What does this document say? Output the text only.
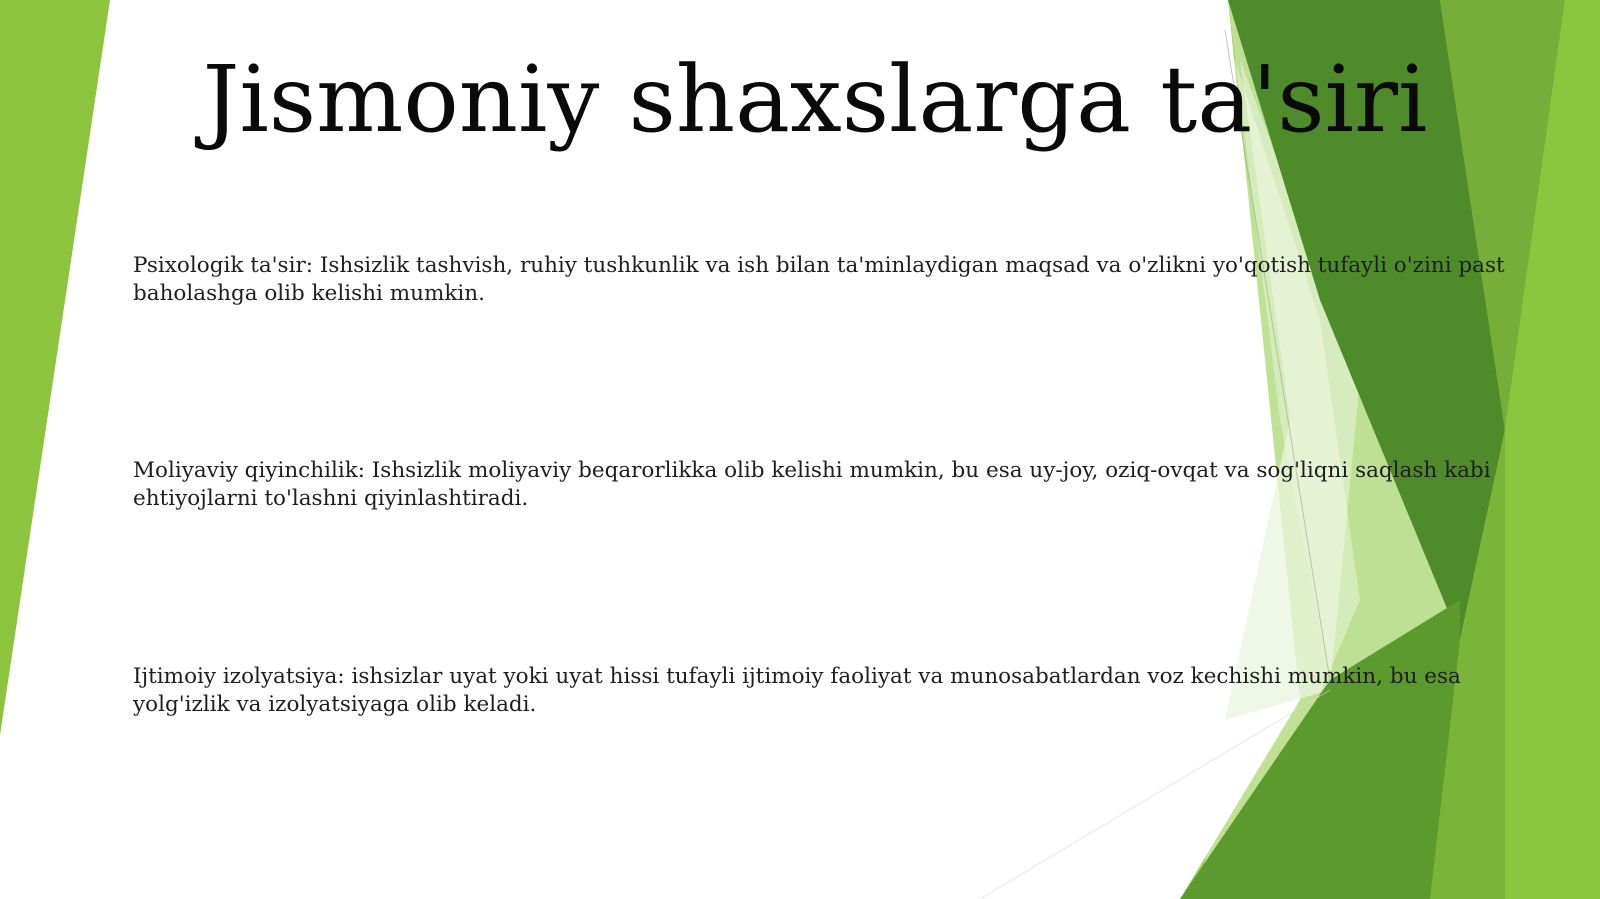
Jismoniy shaxslarga ta'siri

Psixologik ta'sir: Ishsizlik tashvish, ruhiy tushkunlik va ish bilan ta'minlaydigan maqsad va o'zlikni yo'qotish tufayli o'zini past baholashga olib kelishi mumkin.

Moliyaviy qiyinchilik: Ishsizlik moliyaviy beqarorlikka olib kelishi mumkin, bu esa uy-joy, oziq-ovqat va sog'liqni saqlash kabi ehtiyojlarni to'lashni qiyinlashtiradi.

Ijtimoiy izolyatsiya: ishsizlar uyat yoki uyat hissi tufayli ijtimoiy faoliyat va munosabatlardan voz kechishi mumkin, bu esa yolg'izlik va izolyatsiyaga olib keladi.
